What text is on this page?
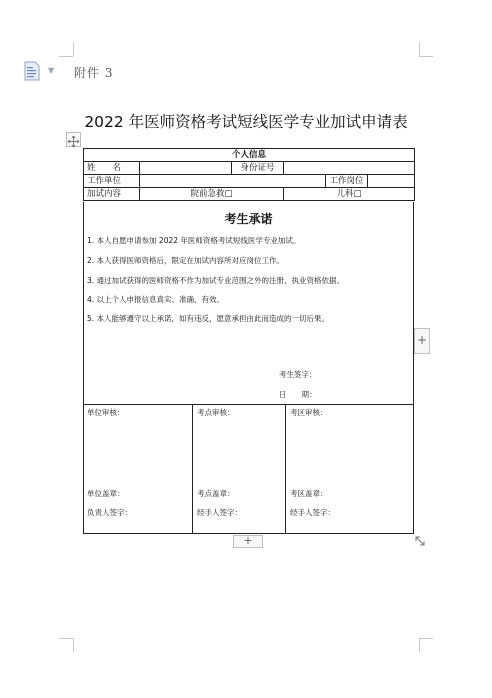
▼ 附件 3
2022 年医师资格考试短线医学专业加试申请表
个人信息					
姓　　名		身份证号			
工作单位				工作岗位	
加试内容	院前急救□		儿科□		
考生承诺
1. 本人自愿申请参加 2022 年医师资格考试短线医学专业加试。
2. 本人获得医师资格后，限定在加试内容所对应岗位工作。
3. 通过加试获得的医师资格不作为加试专业范围之外的注册、执业资格依据。
4. 以上个人申报信息真实、准确、有效。
5. 本人能够遵守以上承诺，如有违反，愿意承担由此而造成的一切后果。
考生签字：
日　　期：
单位审核：
单位盖章：
负责人签字：
考点审核：
考点盖章：
经手人签字：
考区审核：
考区盖章：
经手人签字：
+
+
